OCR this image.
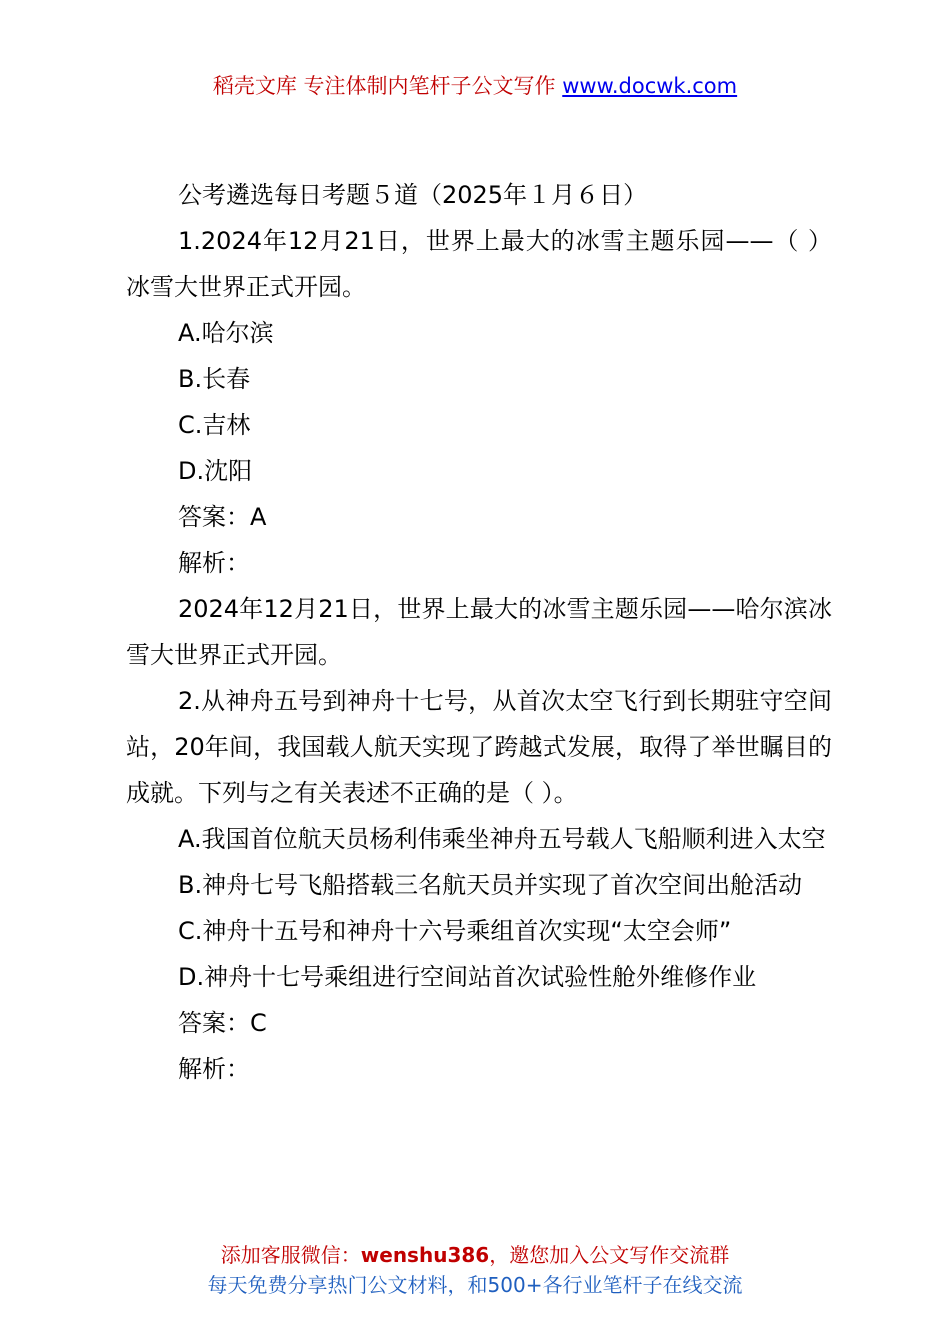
稻壳文库 专注体制内笔杆子公文写作 www.docwk.com

公考遴选每日考题５道（2025年１月６日）

1.2024年12月21日，世界上最大的冰雪主题乐园——（ ）冰雪大世界正式开园。

A.哈尔滨

B.长春

C.吉林

D.沈阳

答案：A

解析：

2024年12月21日，世界上最大的冰雪主题乐园——哈尔滨冰雪大世界正式开园。

2.从神舟五号到神舟十七号，从首次太空飞行到长期驻守空间站，20年间，我国载人航天实现了跨越式发展，取得了举世瞩目的成就。下列与之有关表述不正确的是（ ）。

A.我国首位航天员杨利伟乘坐神舟五号载人飞船顺利进入太空

B.神舟七号飞船搭载三名航天员并实现了首次空间出舱活动

C.神舟十五号和神舟十六号乘组首次实现“太空会师”

D.神舟十七号乘组进行空间站首次试验性舱外维修作业

答案：C

解析：

添加客服微信：wenshu386，邀您加入公文写作交流群
每天免费分享热门公文材料，和500+各行业笔杆子在线交流
